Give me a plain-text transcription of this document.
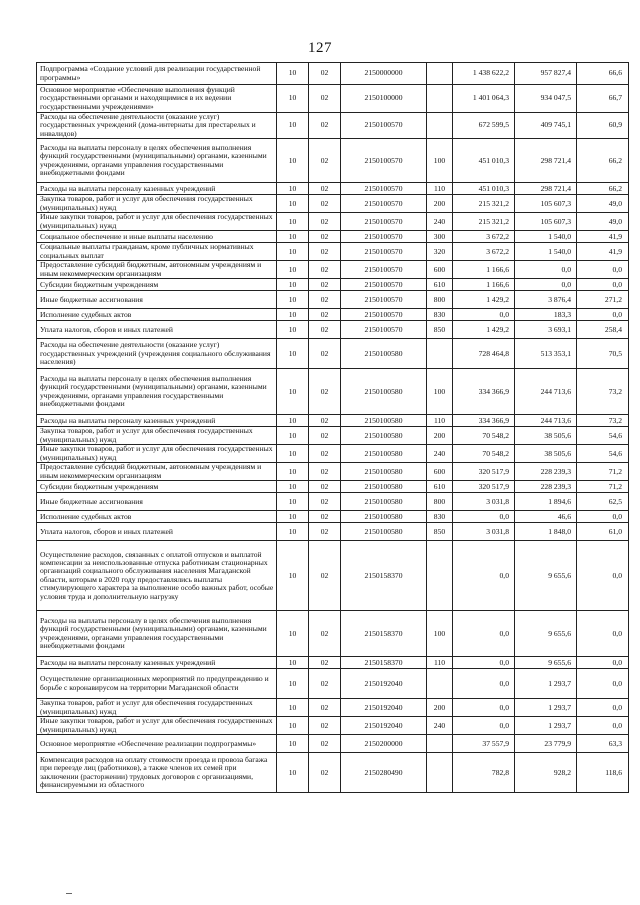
127
Подпрограмма «Создание условий для реализации государственной программы»	10	02	2150000000		1 438 622,2	957 827,4	66,6
Основное мероприятие «Обеспечение выполнения функций государственными органами и находящимися в их ведении государственными учреждениями»	10	02	2150100000		1 401 064,3	934 047,5	66,7
Расходы на обеспечение деятельности (оказание услуг) государственных учреждений (дома-интернаты для престарелых и инвалидов)	10	02	2150100570		672 599,5	409 745,1	60,9
Расходы на выплаты персоналу в целях обеспечения выполнения функций государственными (муниципальными) органами, казенными учреждениями, органами управления государственными внебюджетными фондами	10	02	2150100570	100	451 010,3	298 721,4	66,2
Расходы на выплаты персоналу казенных учреждений	10	02	2150100570	110	451 010,3	298 721,4	66,2
Закупка товаров, работ и услуг для обеспечения государственных (муниципальных) нужд	10	02	2150100570	200	215 321,2	105 607,3	49,0
Иные закупки товаров, работ и услуг для обеспечения государственных (муниципальных) нужд	10	02	2150100570	240	215 321,2	105 607,3	49,0
Социальное обеспечение и иные выплаты населению	10	02	2150100570	300	3 672,2	1 540,0	41,9
Социальные выплаты гражданам, кроме публичных нормативных социальных выплат	10	02	2150100570	320	3 672,2	1 540,0	41,9
Предоставление субсидий бюджетным, автономным учреждениям и иным некоммерческим организациям	10	02	2150100570	600	1 166,6	0,0	0,0
Субсидии бюджетным учреждениям	10	02	2150100570	610	1 166,6	0,0	0,0
Иные бюджетные ассигнования	10	02	2150100570	800	1 429,2	3 876,4	271,2
Исполнение судебных актов	10	02	2150100570	830	0,0	183,3	0,0
Уплата налогов, сборов и иных платежей	10	02	2150100570	850	1 429,2	3 693,1	258,4
Расходы на обеспечение деятельности (оказание услуг) государственных учреждений (учреждения социального обслуживания населения)	10	02	2150100580		728 464,8	513 353,1	70,5
Расходы на выплаты персоналу в целях обеспечения выполнения функций государственными (муниципальными) органами, казенными учреждениями, органами управления государственными внебюджетными фондами	10	02	2150100580	100	334 366,9	244 713,6	73,2
Расходы на выплаты персоналу казенных учреждений	10	02	2150100580	110	334 366,9	244 713,6	73,2
Закупка товаров, работ и услуг для обеспечения государственных (муниципальных) нужд	10	02	2150100580	200	70 548,2	38 505,6	54,6
Иные закупки товаров, работ и услуг для обеспечения государственных (муниципальных) нужд	10	02	2150100580	240	70 548,2	38 505,6	54,6
Предоставление субсидий бюджетным, автономным учреждениям и иным некоммерческим организациям	10	02	2150100580	600	320 517,9	228 239,3	71,2
Субсидии бюджетным учреждениям	10	02	2150100580	610	320 517,9	228 239,3	71,2
Иные бюджетные ассигнования	10	02	2150100580	800	3 031,8	1 894,6	62,5
Исполнение судебных актов	10	02	2150100580	830	0,0	46,6	0,0
Уплата налогов, сборов и иных платежей	10	02	2150100580	850	3 031,8	1 848,0	61,0
Осуществление расходов, связанных с оплатой отпусков и выплатой компенсации за неиспользованные отпуска работникам стационарных организаций социального обслуживания населения Магаданской области, которым в 2020 году предоставлялись выплаты стимулирующего характера за выполнение особо важных работ, особые условия труда и дополнительную нагрузку	10	02	2150158370		0,0	9 655,6	0,0
Расходы на выплаты персоналу в целях обеспечения выполнения функций государственными (муниципальными) органами, казенными учреждениями, органами управления государственными внебюджетными фондами	10	02	2150158370	100	0,0	9 655,6	0,0
Расходы на выплаты персоналу казенных учреждений	10	02	2150158370	110	0,0	9 655,6	0,0
Осуществление организационных мероприятий по предупреждению и борьбе с коронавирусом на территории Магаданской области	10	02	2150192040		0,0	1 293,7	0,0
Закупка товаров, работ и услуг для обеспечения государственных (муниципальных) нужд	10	02	2150192040	200	0,0	1 293,7	0,0
Иные закупки товаров, работ и услуг для обеспечения государственных (муниципальных) нужд	10	02	2150192040	240	0,0	1 293,7	0,0
Основное мероприятие «Обеспечение реализации подпрограммы»	10	02	2150200000		37 557,9	23 779,9	63,3
Компенсация расходов на оплату стоимости проезда и провоза багажа при переезде лиц (работников), а также членов их семей при заключении (расторжении) трудовых договоров с организациями, финансируемыми из областного	10	02	2150280490		782,8	928,2	118,6
